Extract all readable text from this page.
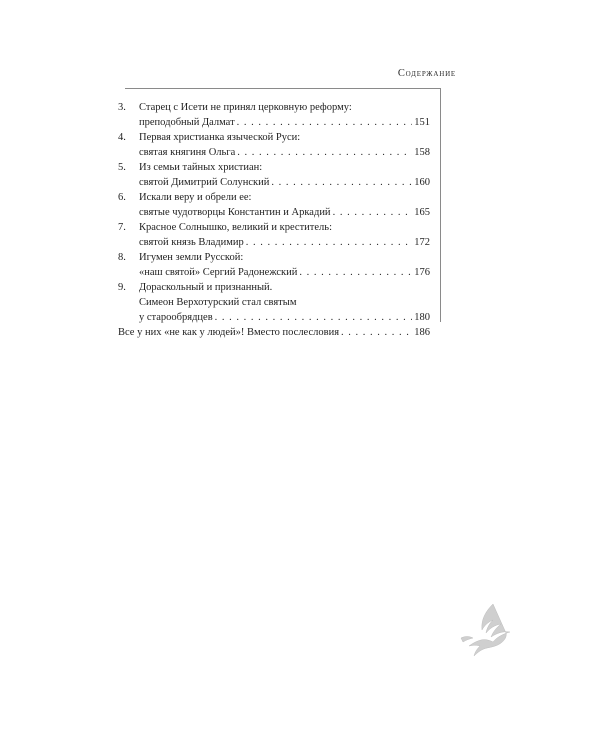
Содержание
3.	Старец с Исети не принял церковную реформу:
преподобный Далмат . . .	151
4.	Первая христианка языческой Руси:
святая княгиня Ольга . . .	158
5.	Из семьи тайных христиан:
святой Димитрий Солунский . . .	160
6.	Искали веру и обрели ее:
святые чудотворцы Константин и Аркадий . . .	165
7.	Красное Солнышко, великий и креститель:
святой князь Владимир . . .	172
8.	Игумен земли Русской:
«наш святой» Сергий Радонежский . . .	176
9.	Дораскольный и признанный.
Симеон Верхотурский стал святым
у старообрядцев . . .	180
Все у них «не как у людей»! Вместо послесловия . . .	186
